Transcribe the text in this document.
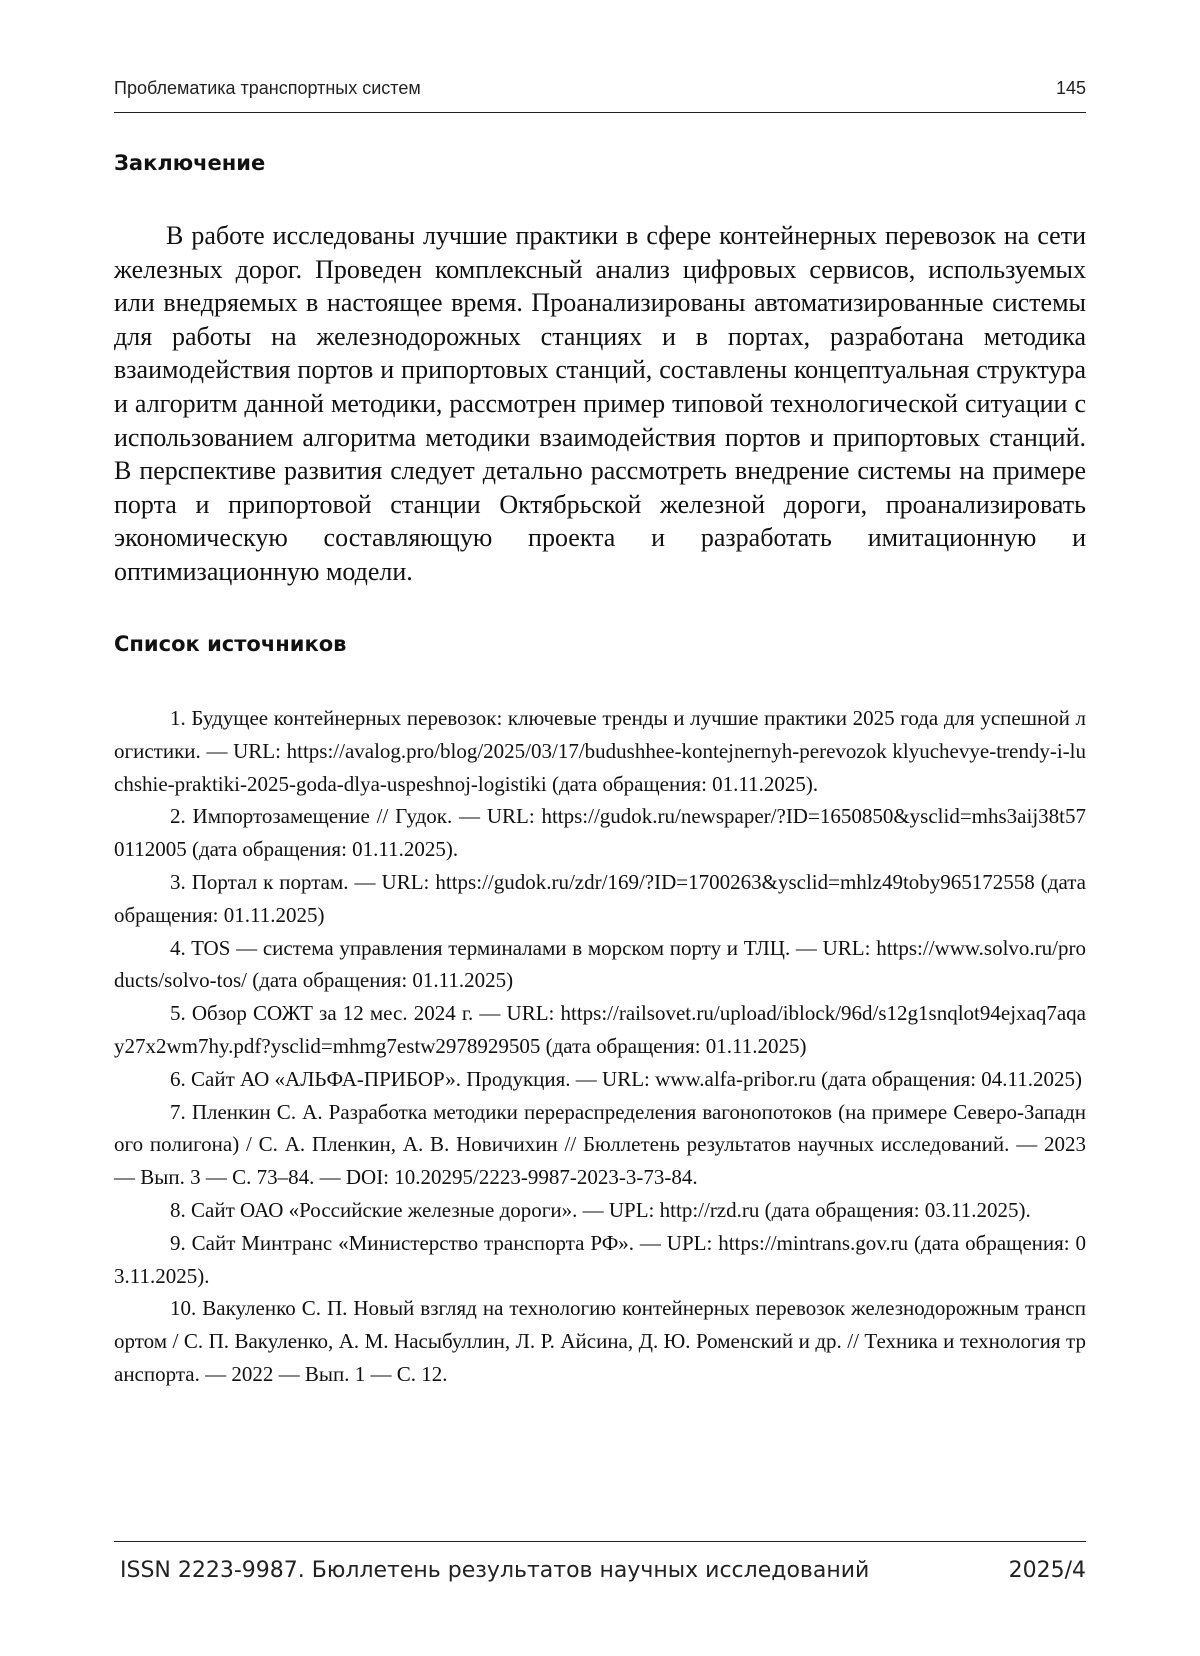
Проблематика транспортных систем	145
Заключение

В работе исследованы лучшие практики в сфере контейнерных перевозок на сети железных дорог. Проведен комплексный анализ цифровых сервисов, используемых или внедряемых в настоящее время. Проанализированы автоматизированные системы для работы на железнодорожных станциях и в портах, разработана методика взаимодействия портов и припортовых станций, составлены концептуальная структура и алгоритм данной методики, рассмотрен пример типовой технологической ситуации с использованием алгоритма методики взаимодействия портов и припортовых станций. В перспективе развития следует детально рассмотреть внедрение системы на примере порта и припортовой станции Октябрьской железной дороги, проанализировать экономическую составляющую проекта и разработать имитационную и оптимизационную модели.

Список источников
1. Будущее контейнерных перевозок: ключевые тренды и лучшие практики 2025 года для успешной логистики. — URL: https://avalog.pro/blog/2025/03/17/budushhee-kontejnernyh-perevozok klyuchevye-trendy-i-luchshie-praktiki-2025-goda-dlya-uspeshnoj-logistiki (дата обращения: 01.11.2025).
2. Импортозамещение // Гудок. — URL: https://gudok.ru/newspaper/?ID=1650850&ysclid=mhs3aij38t570112005 (дата обращения: 01.11.2025).
3. Портал к портам. — URL: https://gudok.ru/zdr/169/?ID=1700263&ysclid=mhlz49toby965172558 (дата обращения: 01.11.2025)
4. TOS — система управления терминалами в морском порту и ТЛЦ. — URL: https://www.solvo.ru/products/solvo-tos/ (дата обращения: 01.11.2025)
5. Обзор СОЖТ за 12 мес. 2024 г. — URL: https://railsovet.ru/upload/iblock/96d/s12g1snqlot94ejxaq7aqay27x2wm7hy.pdf?ysclid=mhmg7estw2978929505 (дата обращения: 01.11.2025)
6. Сайт АО «АЛЬФА-ПРИБОР». Продукция. — URL: www.alfa-pribor.ru (дата обращения: 04.11.2025)
7. Пленкин С. А. Разработка методики перераспределения вагонопотоков (на примере Северо-Западного полигона) / С. А. Пленкин, А. В. Новичихин // Бюллетень результатов научных исследований. — 2023 — Вып. 3 — С. 73–84. — DOI: 10.20295/2223-9987-2023-3-73-84.
8. Сайт ОАО «Российские железные дороги». — UPL: http://rzd.ru (дата обращения: 03.11.2025).
9. Сайт Минтранс «Министерство транспорта РФ». — UPL: https://mintrans.gov.ru (дата обращения: 03.11.2025).
10. Вакуленко С. П. Новый взгляд на технологию контейнерных перевозок железнодорожным транспортом / С. П. Вакуленко, А. М. Насыбуллин, Л. Р. Айсина, Д. Ю. Роменский и др. // Техника и технология транспорта. — 2022 — Вып. 1 — С. 12.
ISSN 2223-9987. Бюллетень результатов научных исследований	2025/4
